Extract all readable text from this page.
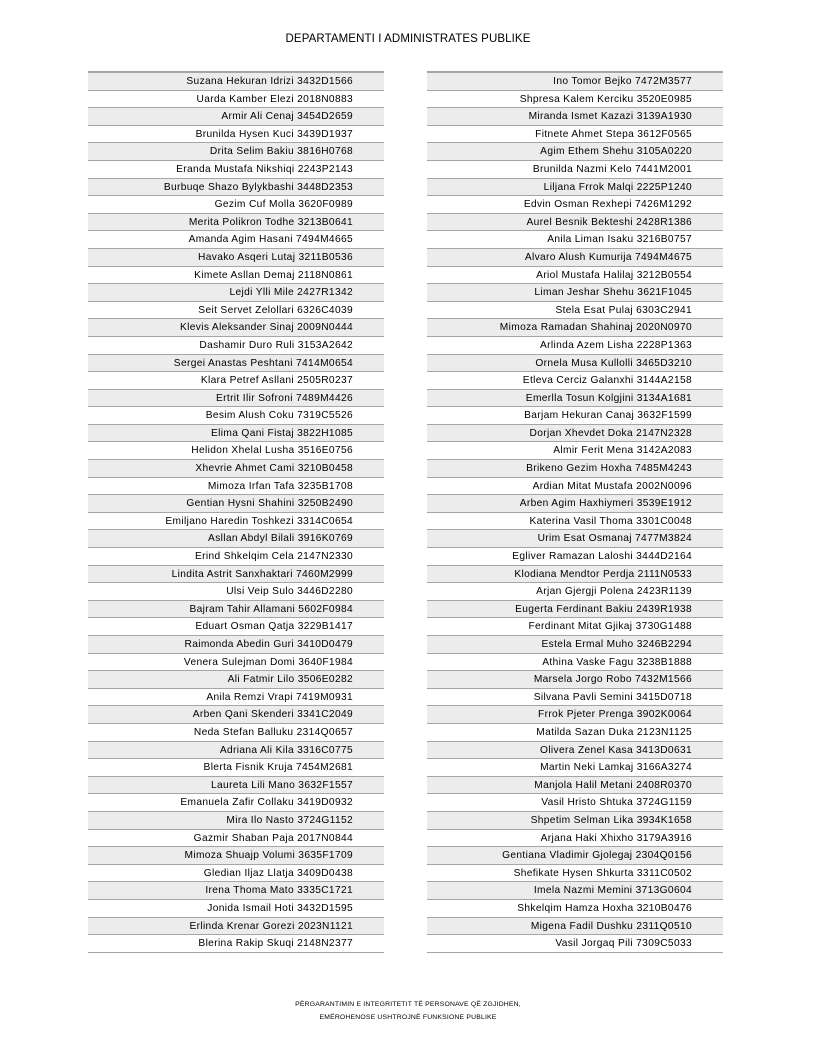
DEPARTAMENTI I ADMINISTRATES PUBLIKE
Suzana Hekuran Idrizi 3432D1566
Uarda Kamber Elezi 2018N0883
Armir Ali Cenaj 3454D2659
Brunilda Hysen Kuci 3439D1937
Drita Selim Bakiu 3816H0768
Eranda Mustafa Nikshiqi 2243P2143
Burbuqe Shazo Bylykbashi 3448D2353
Gezim Cuf Molla 3620F0989
Merita Polikron Todhe 3213B0641
Amanda Agim Hasani 7494M4665
Havako Asqeri Lutaj 3211B0536
Kimete Asllan Demaj 2118N0861
Lejdi Ylli Mile 2427R1342
Seit Servet Zelollari 6326C4039
Klevis Aleksander Sinaj 2009N0444
Dashamir Duro Ruli 3153A2642
Sergei Anastas Peshtani 7414M0654
Klara Petref Asllani 2505R0237
Ertrit Ilir Sofroni 7489M4426
Besim Alush Coku 7319C5526
Elima Qani Fistaj 3822H1085
Helidon Xhelal Lusha 3516E0756
Xhevrie Ahmet Cami 3210B0458
Mimoza Irfan Tafa 3235B1708
Gentian Hysni Shahini 3250B2490
Emiljano Haredin Toshkezi 3314C0654
Asllan Abdyl Bilali 3916K0769
Erind Shkelqim Cela 2147N2330
Lindita Astrit Sanxhaktari 7460M2999
Ulsi Veip Sulo 3446D2280
Bajram Tahir Allamani 5602F0984
Eduart Osman Qatja 3229B1417
Raimonda Abedin Guri 3410D0479
Venera Sulejman Domi 3640F1984
Ali Fatmir Lilo 3506E0282
Anila Remzi Vrapi 7419M0931
Arben Qani Skenderi 3341C2049
Neda Stefan Balluku 2314Q0657
Adriana Ali Kila 3316C0775
Blerta Fisnik Kruja 7454M2681
Laureta Lili Mano 3632F1557
Emanuela Zafir Collaku 3419D0932
Mira Ilo Nasto 3724G1152
Gazmir Shaban Paja 2017N0844
Mimoza Shuajp Volumi 3635F1709
Gledian Iljaz Llatja 3409D0438
Irena Thoma Mato 3335C1721
Jonida Ismail Hoti 3432D1595
Erlinda Krenar Gorezi 2023N1121
Blerina Rakip Skuqi 2148N2377
Ino Tomor Bejko 7472M3577
Shpresa Kalem Kerciku 3520E0985
Miranda Ismet Kazazi 3139A1930
Fitnete Ahmet Stepa 3612F0565
Agim Ethem Shehu 3105A0220
Brunilda Nazmi Kelo 7441M2001
Liljana Frrok Malqi 2225P1240
Edvin Osman Rexhepi 7426M1292
Aurel Besnik Bekteshi 2428R1386
Anila Liman Isaku 3216B0757
Alvaro Alush Kumurija 7494M4675
Ariol Mustafa Halilaj 3212B0554
Liman Jeshar Shehu 3621F1045
Stela Esat Pulaj 6303C2941
Mimoza Ramadan Shahinaj 2020N0970
Arlinda Azem Lisha 2228P1363
Ornela Musa Kullolli 3465D3210
Etleva Cerciz Galanxhi 3144A2158
Emerlla Tosun Kolgjini 3134A1681
Barjam Hekuran Canaj 3632F1599
Dorjan Xhevdet Doka 2147N2328
Almir Ferit Mena 3142A2083
Brikeno Gezim Hoxha 7485M4243
Ardian Mitat Mustafa 2002N0096
Arben Agim Haxhiymeri 3539E1912
Katerina Vasil Thoma 3301C0048
Urim Esat Osmanaj 7477M3824
Egliver Ramazan Laloshi 3444D2164
Klodiana Mendtor Perdja 2111N0533
Arjan Gjergji Polena 2423R1139
Eugerta Ferdinant Bakiu 2439R1938
Ferdinant Mitat Gjikaj 3730G1488
Estela Ermal Muho 3246B2294
Athina Vaske Fagu 3238B1888
Marsela Jorgo Robo 7432M1566
Silvana Pavli Semini 3415D0718
Frrok Pjeter Prenga 3902K0064
Matilda Sazan Duka 2123N1125
Olivera Zenel Kasa 3413D0631
Martin Neki Lamkaj 3166A3274
Manjola Halil Metani 2408R0370
Vasil Hristo Shtuka 3724G1159
Shpetim Selman Lika 3934K1658
Arjana Haki Xhixho 3179A3916
Gentiana Vladimir Gjolegaj 2304Q0156
Shefikate Hysen Shkurta 3311C0502
Imela Nazmi Memini 3713G0604
Shkelqim Hamza Hoxha 3210B0476
Migena Fadil Dushku 2311Q0510
Vasil Jorgaq Pili 7309C5033
PËRGARANTIMIN E INTEGRITETIT TË PERSONAVE QË ZGJIDHEN,
EMËROHENOSE USHTROJNË FUNKSIONE PUBLIKE
